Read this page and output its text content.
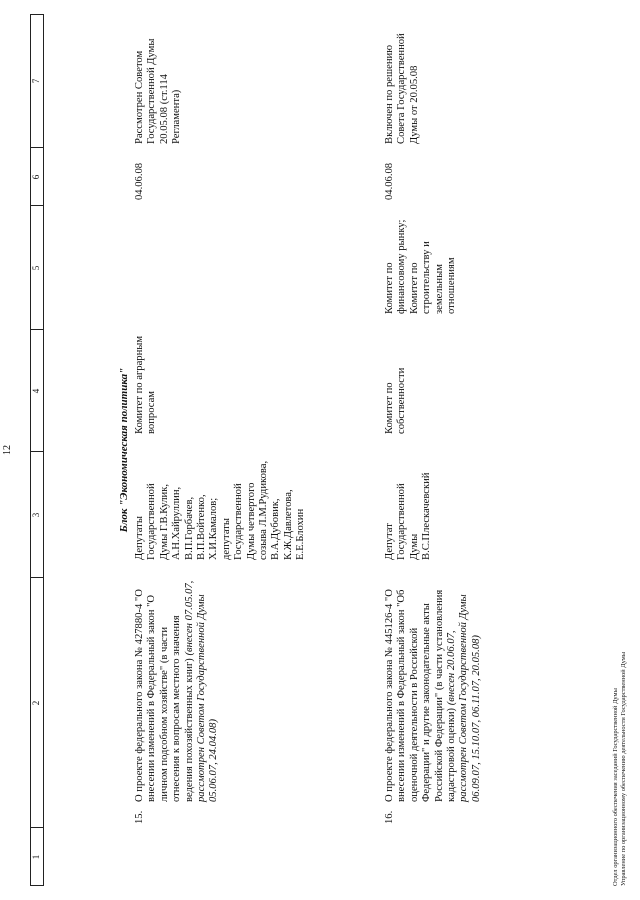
12
1
2
3
4
5
6
7
Блок "Экономическая политика"
15.
О проекте федерального закона № 427880-4 "О внесении изменений в Федеральный закон "О личном подсобном хозяйстве" (в части отнесения к вопросам местного значения ведения похозяйственных книг) (внесен 07.05.07, рассмотрен Советом Государственной Думы 05.06.07, 24.04.08)
Депутаты Государственной Думы Г.В.Кулик, А.Н.Хайруллин, В.П.Горбачев, В.П.Войтенко, Х.И.Камалов; депутаты Государственной Думы четвертого созыва Л.М.Рудикова, В.А.Дубовик, К.Ж.Давлетова, Е.Е.Блохин
Комитет по аграрным вопросам
04.06.08
Рассмотрен Советом Государственной Думы 20.05.08 (ст.114 Регламента)
16.
О проекте федерального закона № 445126-4 "О внесении изменений в Федеральный закон "Об оценочной деятельности в Российской Федерации" и другие законодательные акты Российской Федерации" (в части установления кадастровой оценки) (внесен 20.06.07, рассмотрен Советом Государственной Думы 06.09.07, 15.10.07, 06.11.07, 20.05.08)
Депутат Государственной Думы В.С.Плескачевский
Комитет по собственности
Комитет по финансовому рынку; Комитет по строительству и земельным отношениям
04.06.08
Включен по решению Совета Государственной Думы от 20.05.08
Отдел организационного обеспечения заседаний Государственной Думы Управление по организационному обеспечению деятельности Государственной Думы
